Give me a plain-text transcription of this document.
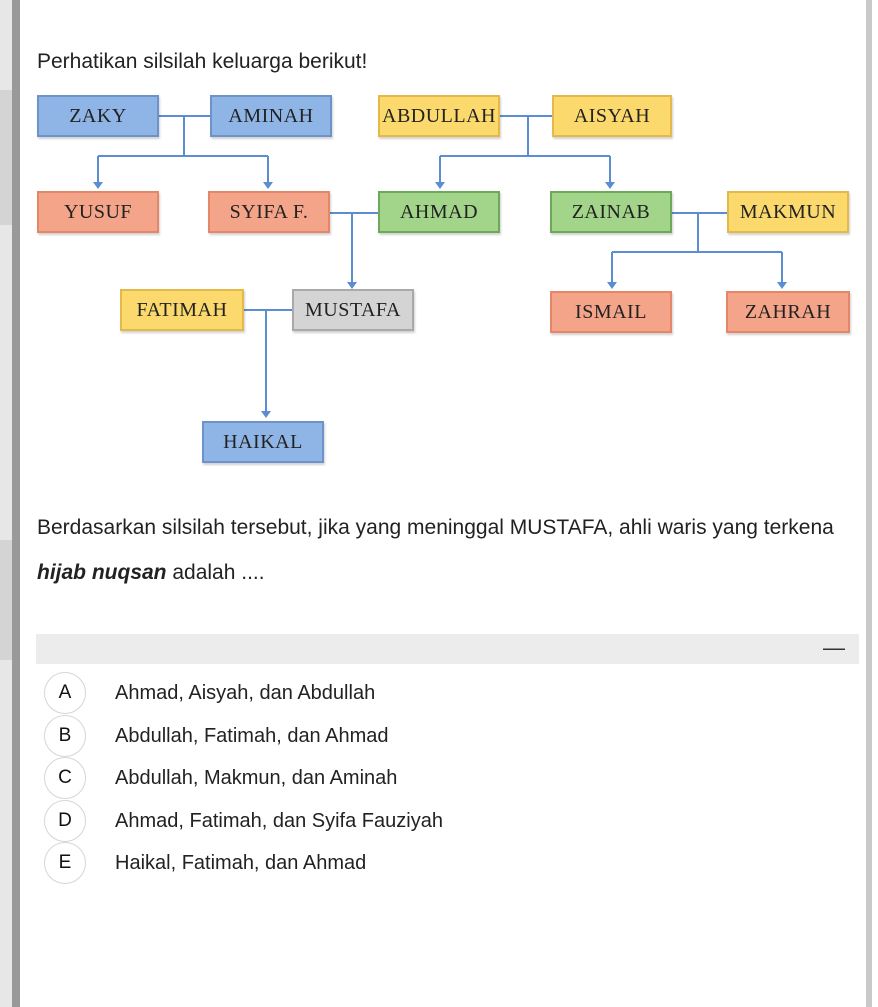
Perhatikan silsilah keluarga berikut!
ZAKY	AMINAH	ABDULLAH	AISYAH
YUSUF	SYIFA F.	AHMAD	ZAINAB	MAKMUN
FATIMAH	MUSTAFA	ISMAIL	ZAHRAH
HAIKAL
Berdasarkan silsilah tersebut, jika yang meninggal MUSTAFA, ahli waris yang terkena hijab nuqsan adalah ....
—
A	Ahmad, Aisyah, dan Abdullah
B	Abdullah, Fatimah, dan Ahmad
C	Abdullah, Makmun, dan Aminah
D	Ahmad, Fatimah, dan Syifa Fauziyah
E	Haikal, Fatimah, dan Ahmad
